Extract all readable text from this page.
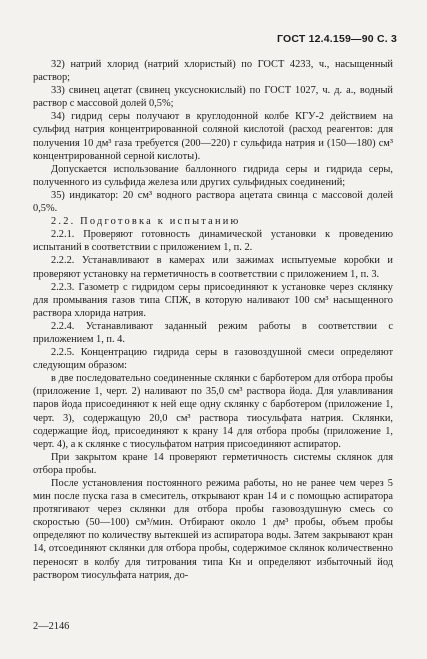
ГОСТ 12.4.159—90 С. 3

32) натрий хлорид (натрий хлористый) по ГОСТ 4233, ч., насыщенный раствор;

33) свинец ацетат (свинец уксуснокислый) по ГОСТ 1027, ч. д. а., водный раствор с массовой долей 0,5%;

34) гидрид серы получают в круглодонной колбе КГУ-2 действием на сульфид натрия концентрированной соляной кислотой (расход реагентов: для получения 10 дм³ газа требуется (200—220) г сульфида натрия и (150—180) см³ концентрированной серной кислоты).

Допускается использование баллонного гидрида серы и гидрида серы, полученного из сульфида железа или других сульфидных соединений;

35) индикатор: 20 см³ водного раствора ацетата свинца с массовой долей 0,5%.

2.2. Подготовка к испытанию

2.2.1. Проверяют готовность динамической установки к проведению испытаний в соответствии с приложением 1, п. 2.

2.2.2. Устанавливают в камерах или зажимах испытуемые коробки и проверяют установку на герметичность в соответствии с приложением 1, п. 3.

2.2.3. Газометр с гидридом серы присоединяют к установке через склянку для промывания газов типа СПЖ, в которую наливают 100 см³ насыщенного раствора хлорида натрия.

2.2.4. Устанавливают заданный режим работы в соответствии с приложением 1, п. 4.

2.2.5. Концентрацию гидрида серы в газовоздушной смеси определяют следующим образом:

в две последовательно соединенные склянки с барботером для отбора пробы (приложение 1, черт. 2) наливают по 35,0 см³ раствора йода. Для улавливания паров йода присоединяют к ней еще одну склянку с барботером (приложение 1, черт. 3), содержащую 20,0 см³ раствора тиосульфата натрия. Склянки, содержащие йод, присоединяют к крану 14 для отбора пробы (приложение 1, черт. 4), а к склянке с тиосульфатом натрия присоединяют аспиратор.

При закрытом кране 14 проверяют герметичность системы склянок для отбора пробы.

После установления постоянного режима работы, но не ранее чем через 5 мин после пуска газа в смеситель, открывают кран 14 и с помощью аспиратора протягивают через склянки для отбора пробы газовоздушную смесь со скоростью (50—100) см³/мин. Отбирают около 1 дм³ пробы, объем пробы определяют по количеству вытекшей из аспиратора воды. Затем закрывают кран 14, отсоединяют склянки для отбора пробы, содержимое склянок количественно переносят в колбу для титрования типа Кн и определяют избыточный йод раствором тиосульфата натрия, до-

2—2146
